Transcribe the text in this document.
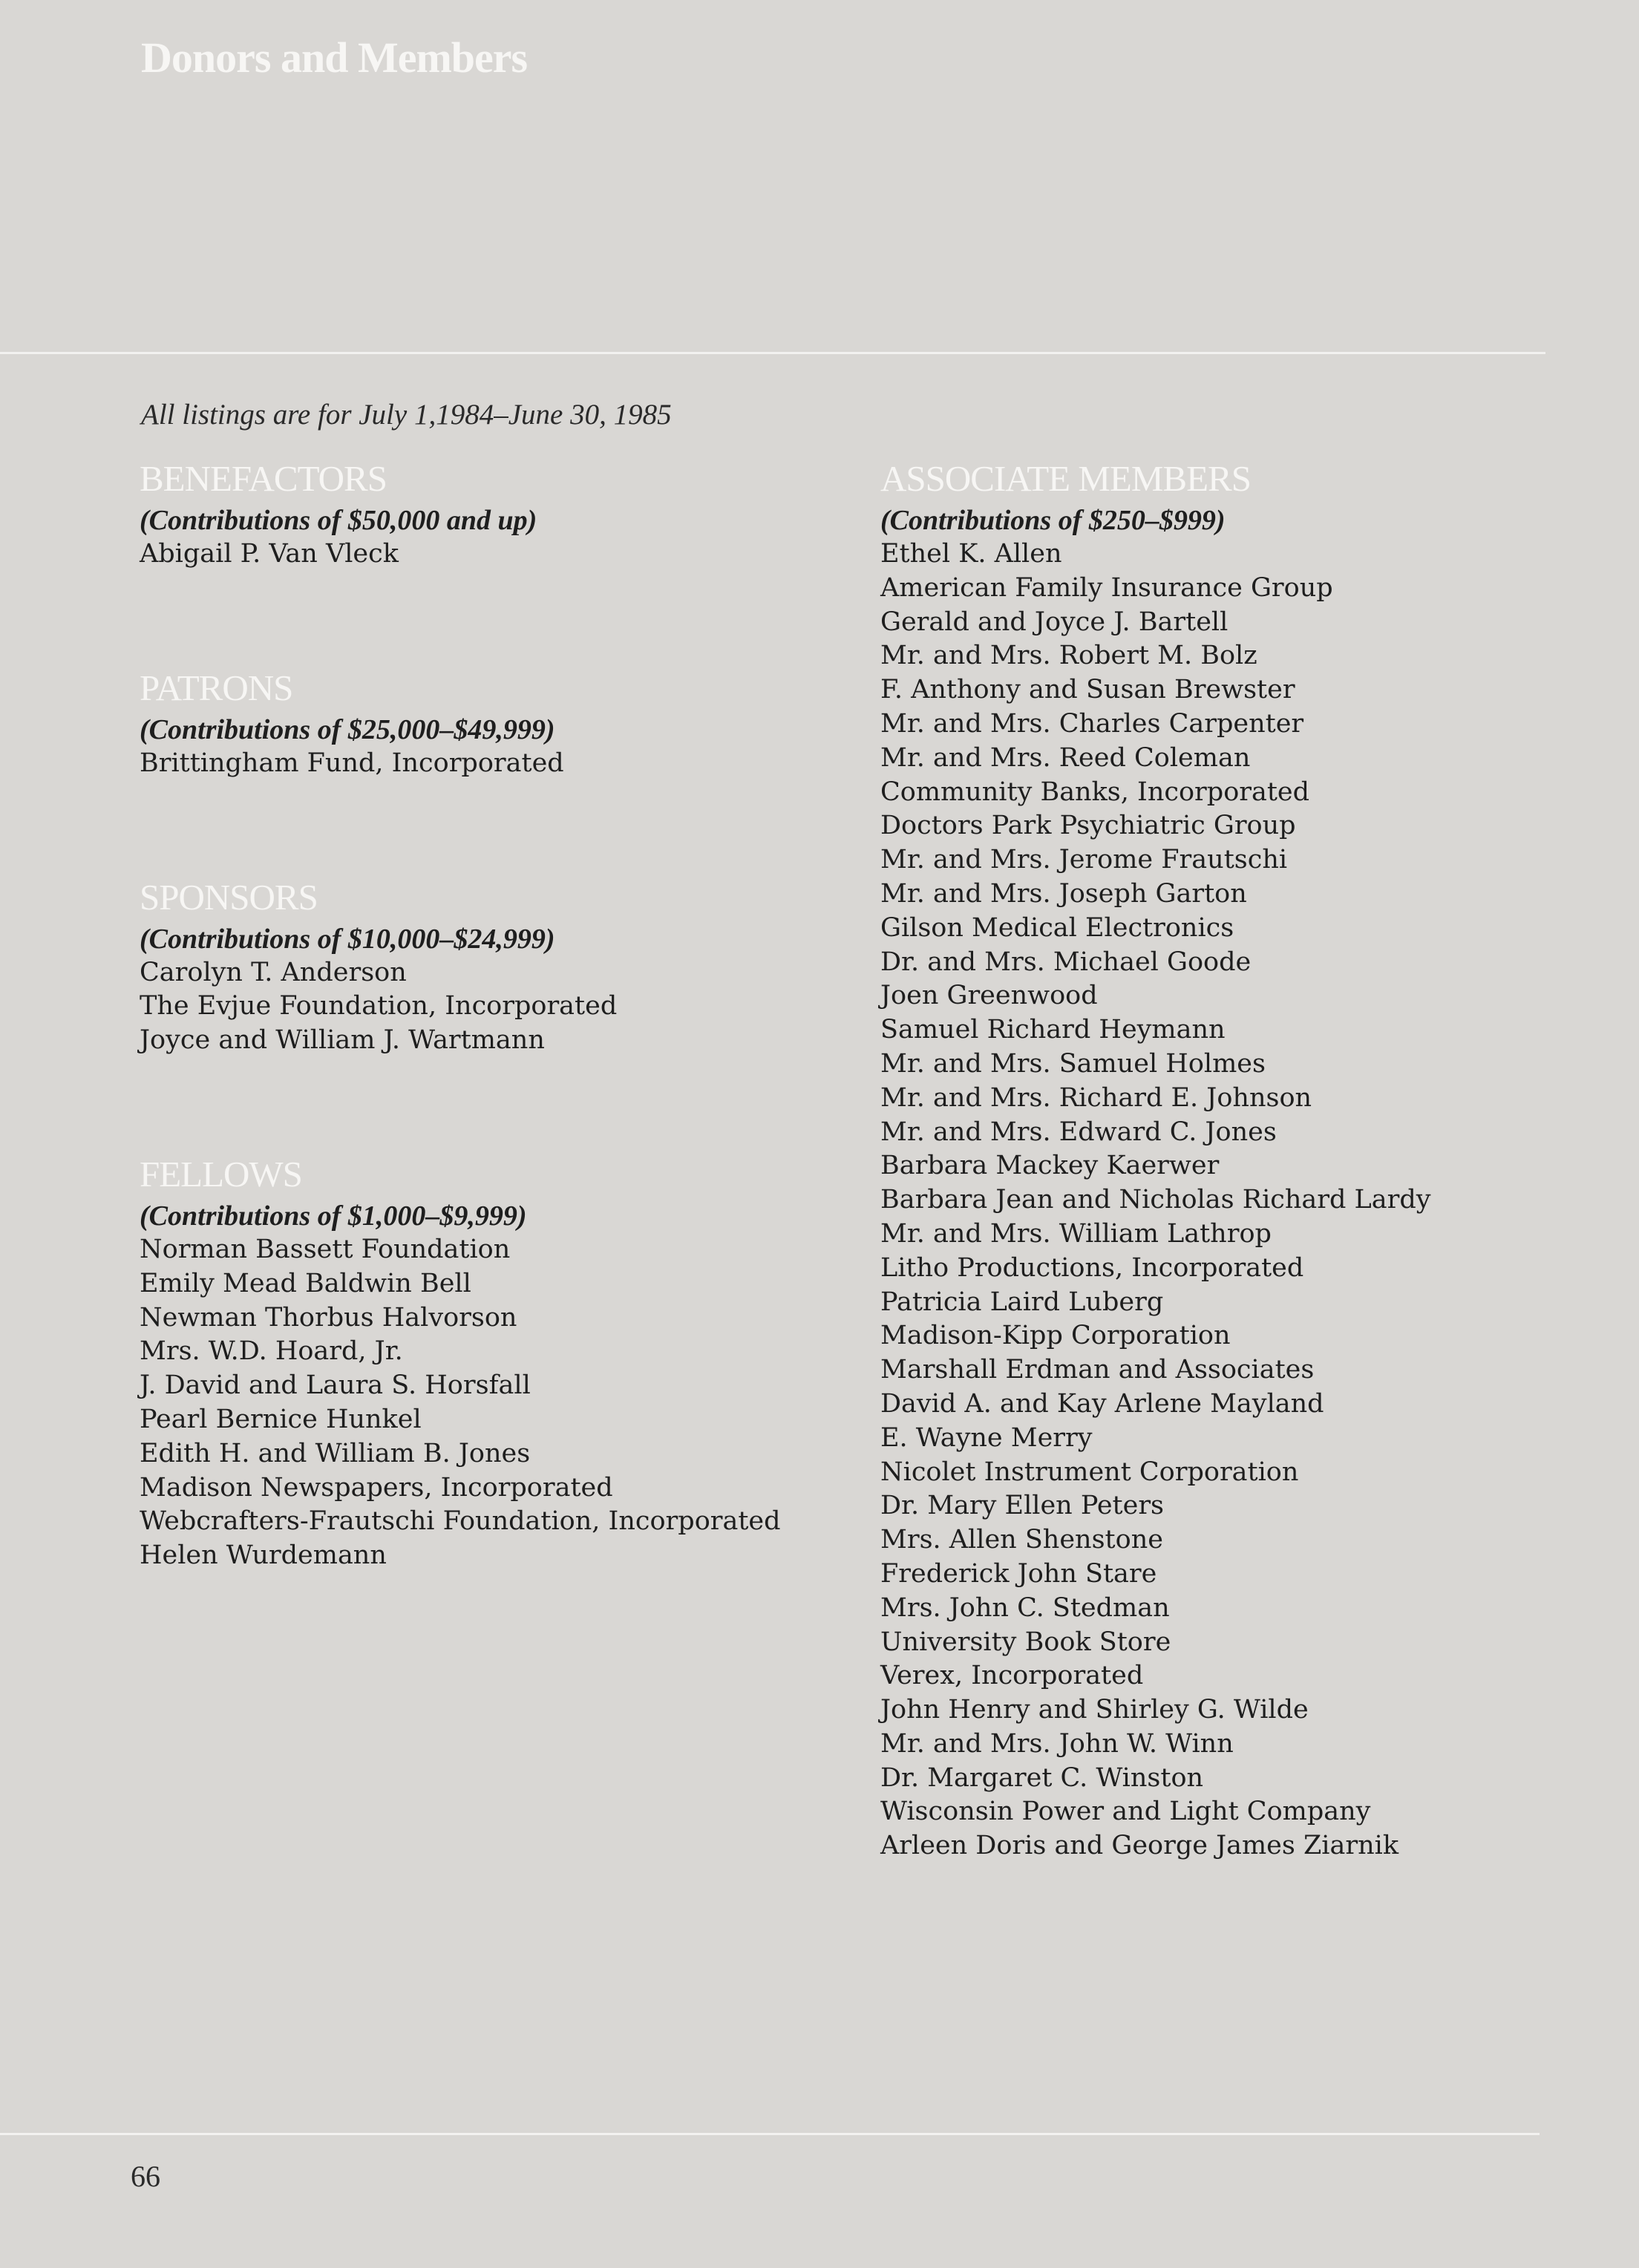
Donors and Members

All listings are for July 1,1984–June 30, 1985

BENEFACTORS

(Contributions of $50,000 and up)

Abigail P. Van Vleck
PATRONS

(Contributions of $25,000–$49,999)

Brittingham Fund, Incorporated
SPONSORS

(Contributions of $10,000–$24,999)

Carolyn T. Anderson
The Evjue Foundation, Incorporated
Joyce and William J. Wartmann
FELLOWS

(Contributions of $1,000–$9,999)

Norman Bassett Foundation
Emily Mead Baldwin Bell
Newman Thorbus Halvorson
Mrs. W.D. Hoard, Jr.
J. David and Laura S. Horsfall
Pearl Bernice Hunkel
Edith H. and William B. Jones
Madison Newspapers, Incorporated
Webcrafters-Frautschi Foundation, Incorporated
Helen Wurdemann
ASSOCIATE MEMBERS

(Contributions of $250–$999)

Ethel K. Allen
American Family Insurance Group
Gerald and Joyce J. Bartell
Mr. and Mrs. Robert M. Bolz
F. Anthony and Susan Brewster
Mr. and Mrs. Charles Carpenter
Mr. and Mrs. Reed Coleman
Community Banks, Incorporated
Doctors Park Psychiatric Group
Mr. and Mrs. Jerome Frautschi
Mr. and Mrs. Joseph Garton
Gilson Medical Electronics
Dr. and Mrs. Michael Goode
Joen Greenwood
Samuel Richard Heymann
Mr. and Mrs. Samuel Holmes
Mr. and Mrs. Richard E. Johnson
Mr. and Mrs. Edward C. Jones
Barbara Mackey Kaerwer
Barbara Jean and Nicholas Richard Lardy
Mr. and Mrs. William Lathrop
Litho Productions, Incorporated
Patricia Laird Luberg
Madison-Kipp Corporation
Marshall Erdman and Associates
David A. and Kay Arlene Mayland
E. Wayne Merry
Nicolet Instrument Corporation
Dr. Mary Ellen Peters
Mrs. Allen Shenstone
Frederick John Stare
Mrs. John C. Stedman
University Book Store
Verex, Incorporated
John Henry and Shirley G. Wilde
Mr. and Mrs. John W. Winn
Dr. Margaret C. Winston
Wisconsin Power and Light Company
Arleen Doris and George James Ziarnik

66
